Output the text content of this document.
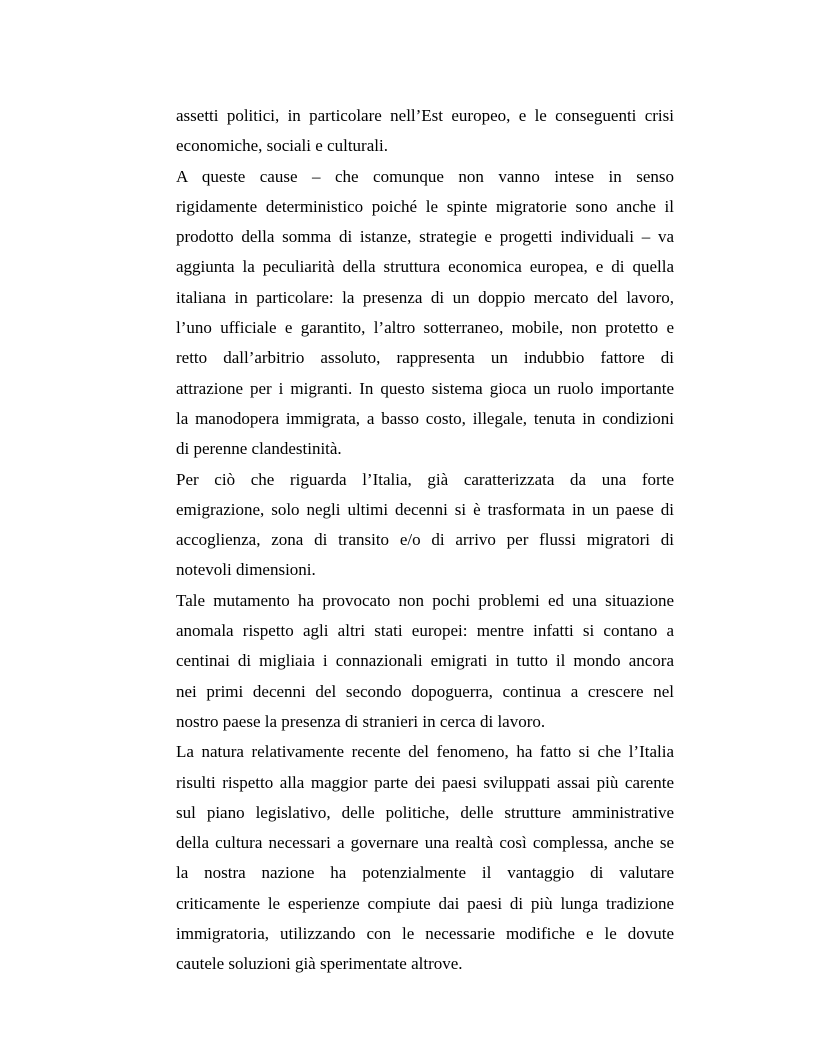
assetti politici, in particolare nell’Est europeo, e le conseguenti crisi
economiche, sociali e culturali.
A queste cause – che comunque non vanno intese in senso
rigidamente deterministico poiché le spinte migratorie sono anche il
prodotto della somma di istanze, strategie e progetti individuali – va
aggiunta la peculiarità della struttura economica europea, e di quella
italiana in particolare: la presenza di un doppio mercato del lavoro,
l’uno ufficiale e garantito, l’altro sotterraneo, mobile, non protetto e
retto dall’arbitrio assoluto, rappresenta un indubbio fattore di
attrazione per i migranti. In questo sistema gioca un ruolo importante
la manodopera immigrata, a basso costo, illegale, tenuta in condizioni
di perenne clandestinità.
Per ciò che riguarda l’Italia, già caratterizzata da una forte
emigrazione, solo negli ultimi decenni si è trasformata in un paese di
accoglienza, zona di transito e/o di arrivo per flussi migratori di
notevoli dimensioni.
Tale mutamento ha provocato non pochi problemi ed una situazione
anomala rispetto agli altri stati europei: mentre infatti si contano a
centinai di migliaia i connazionali emigrati in tutto il mondo ancora
nei primi decenni del secondo dopoguerra, continua a crescere nel
nostro paese la presenza di stranieri in cerca di lavoro.
La natura relativamente recente del fenomeno, ha fatto si che l’Italia
risulti rispetto alla maggior parte dei paesi sviluppati assai più carente
sul piano legislativo, delle politiche, delle strutture amministrative
della cultura necessari a governare una realtà così complessa, anche se
la nostra nazione ha potenzialmente il vantaggio di valutare
criticamente le esperienze compiute dai paesi di più lunga tradizione
immigratoria, utilizzando con le necessarie modifiche e le dovute
cautele soluzioni già sperimentate altrove.
